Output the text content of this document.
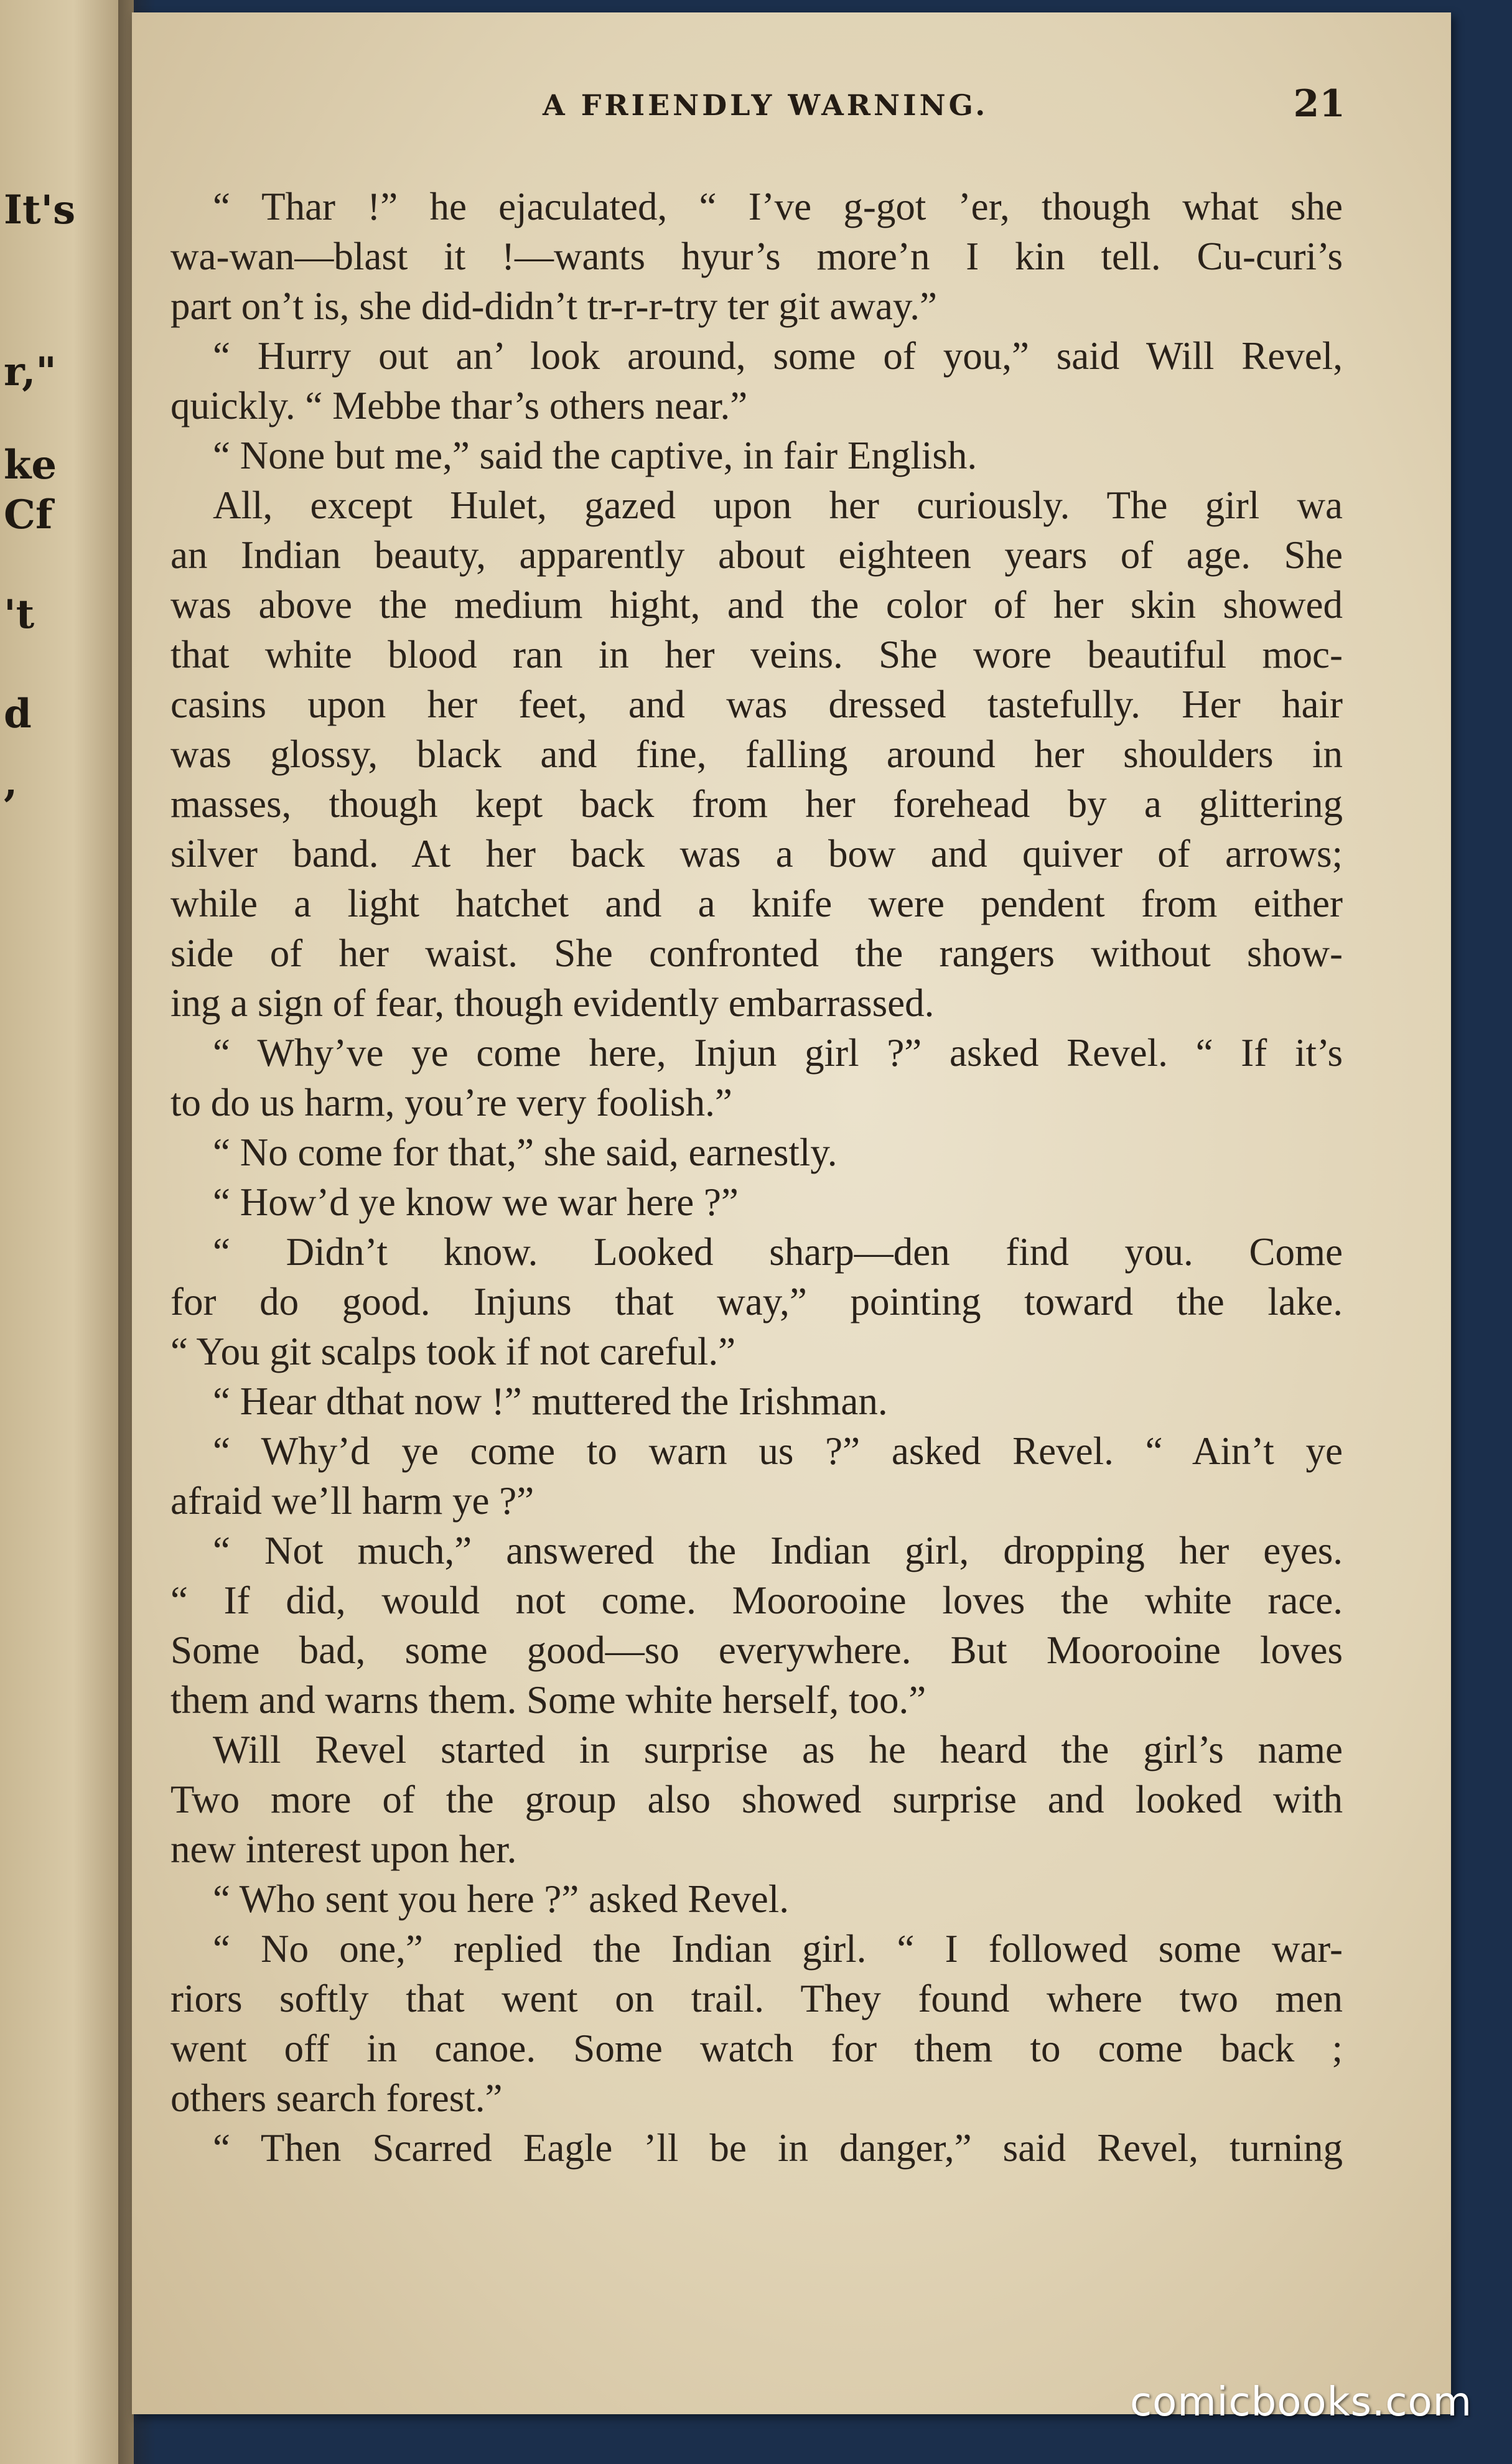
It's
r,"
ke
Cf
't
d
,
A FRIENDLY WARNING.	21
“ Thar !” he ejaculated, “ I’ve g-got ’er, though what she
wa-wan—blast it !—wants hyur’s more’n I kin tell. Cu-curi’s
part on’t is, she did-didn’t tr-r-r-try ter git away.”
“ Hurry out an’ look around, some of you,” said Will Revel,
quickly. “ Mebbe thar’s others near.”
“ None but me,” said the captive, in fair English.
All, except Hulet, gazed upon her curiously. The girl wa
an Indian beauty, apparently about eighteen years of age. She
was above the medium hight, and the color of her skin showed
that white blood ran in her veins. She wore beautiful moc-
casins upon her feet, and was dressed tastefully. Her hair
was glossy, black and fine, falling around her shoulders in
masses, though kept back from her forehead by a glittering
silver band. At her back was a bow and quiver of arrows;
while a light hatchet and a knife were pendent from either
side of her waist. She confronted the rangers without show-
ing a sign of fear, though evidently embarrassed.
“ Why’ve ye come here, Injun girl ?” asked Revel. “ If it’s
to do us harm, you’re very foolish.”
“ No come for that,” she said, earnestly.
“ How’d ye know we war here ?”
“ Didn’t know. Looked sharp—den find you. Come
for do good. Injuns that way,” pointing toward the lake.
“ You git scalps took if not careful.”
“ Hear dthat now !” muttered the Irishman.
“ Why’d ye come to warn us ?” asked Revel. “ Ain’t ye
afraid we’ll harm ye ?”
“ Not much,” answered the Indian girl, dropping her eyes.
“ If did, would not come. Moorooine loves the white race.
Some bad, some good—so everywhere. But Moorooine loves
them and warns them. Some white herself, too.”
Will Revel started in surprise as he heard the girl’s name
Two more of the group also showed surprise and looked with
new interest upon her.
“ Who sent you here ?” asked Revel.
“ No one,” replied the Indian girl. “ I followed some war-
riors softly that went on trail. They found where two men
went off in canoe. Some watch for them to come back ;
others search forest.”
“ Then Scarred Eagle ’ll be in danger,” said Revel, turning
comicbooks.com
